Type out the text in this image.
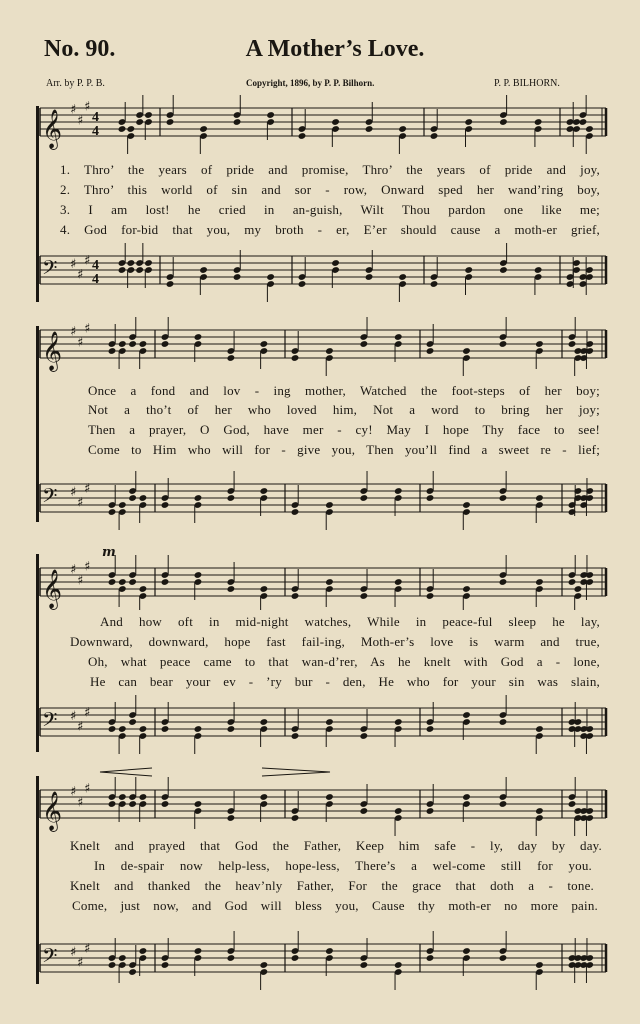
No. 90.	A Mother’s Love.
Arr. by P. P. B.	Copyright, 1896, by P. P. Bilhorn.	P. P. BILHORN.
𝄞 ♯
♯
♯
4
4
1. Thro’ the years of pride and promise, Thro’ the years of pride and joy,
2. Thro’ this world of sin and sor - row, Onward sped her wand’ring boy,
3. I am lost! he cried in an-guish, Wilt Thou pardon one like me;
4. God for-bid that you, my broth - er, E’er should cause a moth-er grief,
𝄢 ♯
♯
♯ 4
4
𝄞 ♯
♯
♯
Once a fond and lov - ing mother, Watched the foot-steps of her boy;
Not a tho’t of her who loved him, Not a word to bring her joy;
Then a prayer, O God, have mer - cy! May I hope Thy face to see!
Come to Him who will for - give you, Then you’ll find a sweet re - lief;
𝄢 ♯
♯
♯
𝄞 ♯
♯
♯
And how oft in mid-night watches, While in peace-ful sleep he lay,
Downward, downward, hope fast fail-ing, Moth-er’s love is warm and true,
Oh, what peace came to that wan-d’rer, As he knelt with God a - lone,
He can bear your ev - ’ry bur - den, He who for your sin was slain,
𝄢 ♯
♯
♯
𝄞 ♯
♯
♯
Knelt and prayed that God the Father, Keep him safe - ly, day by day.
In de-spair now help-less, hope-less, There’s a wel-come still for you.
Knelt and thanked the heav’nly Father, For the grace that doth a - tone.
Come, just now, and God will bless you, Cause thy moth-er no more pain.
𝄢 ♯
♯
♯
m
